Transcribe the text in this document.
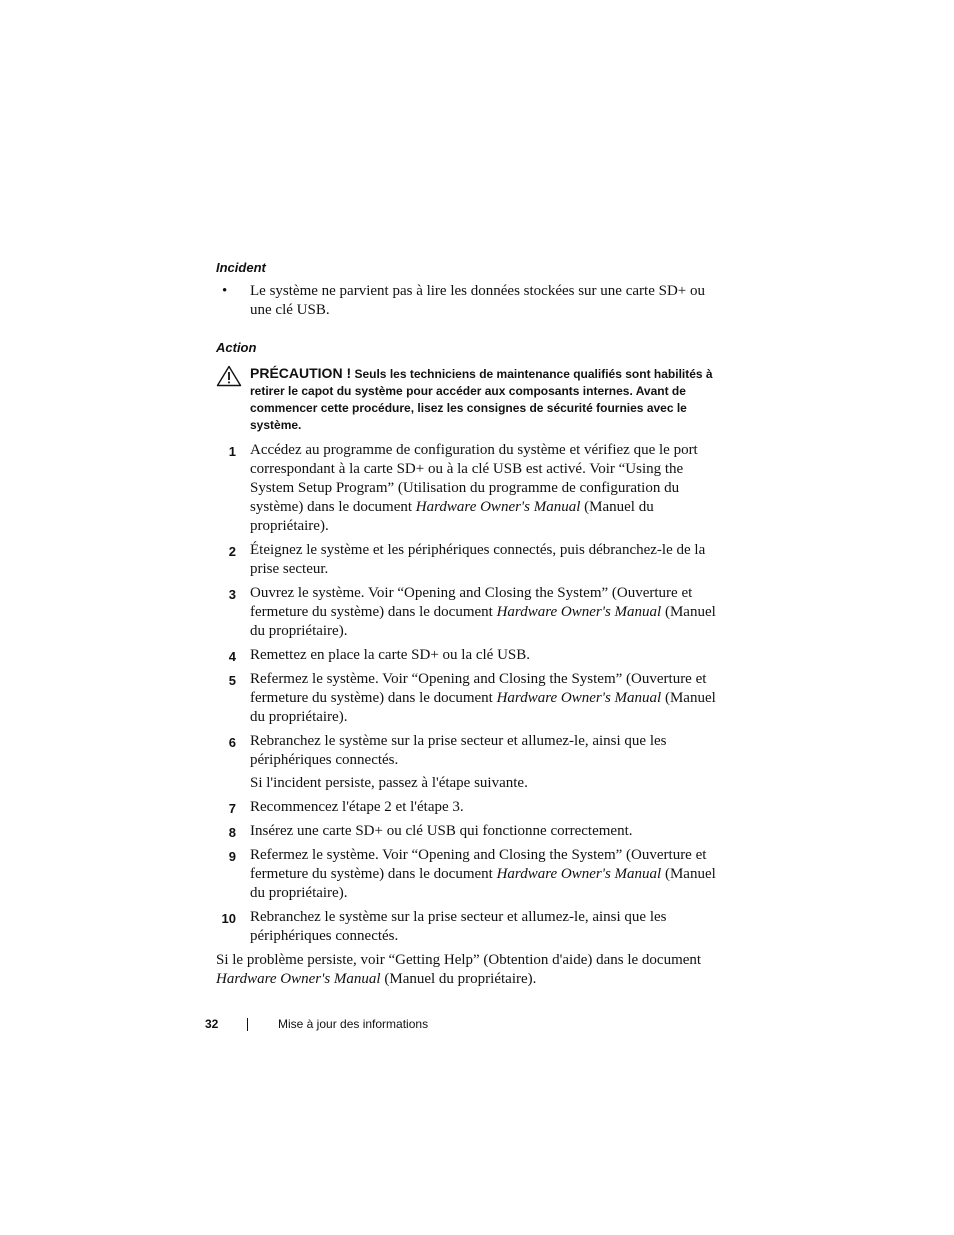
Incident

• Le système ne parvient pas à lire les données stockées sur une carte SD+ ou une clé USB.

Action

PRÉCAUTION ! Seuls les techniciens de maintenance qualifiés sont habilités à retirer le capot du système pour accéder aux composants internes. Avant de commencer cette procédure, lisez les consignes de sécurité fournies avec le système.
1 Accédez au programme de configuration du système et vérifiez que le port correspondant à la carte SD+ ou à la clé USB est activé. Voir “Using the System Setup Program” (Utilisation du programme de configuration du système) dans le document Hardware Owner's Manual (Manuel du propriétaire).
2 Éteignez le système et les périphériques connectés, puis débranchez-le de la prise secteur.
3 Ouvrez le système. Voir “Opening and Closing the System” (Ouverture et fermeture du système) dans le document Hardware Owner's Manual (Manuel du propriétaire).
4 Remettez en place la carte SD+ ou la clé USB.
5 Refermez le système. Voir “Opening and Closing the System” (Ouverture et fermeture du système) dans le document Hardware Owner's Manual (Manuel du propriétaire).
6 Rebranchez le système sur la prise secteur et allumez-le, ainsi que les périphériques connectés.
Si l'incident persiste, passez à l'étape suivante.
7 Recommencez l'étape 2 et l'étape 3.
8 Insérez une carte SD+ ou clé USB qui fonctionne correctement.
9 Refermez le système. Voir “Opening and Closing the System” (Ouverture et fermeture du système) dans le document Hardware Owner's Manual (Manuel du propriétaire).
10 Rebranchez le système sur la prise secteur et allumez-le, ainsi que les périphériques connectés.

Si le problème persiste, voir “Getting Help” (Obtention d'aide) dans le document Hardware Owner's Manual (Manuel du propriétaire).

32	Mise à jour des informations
